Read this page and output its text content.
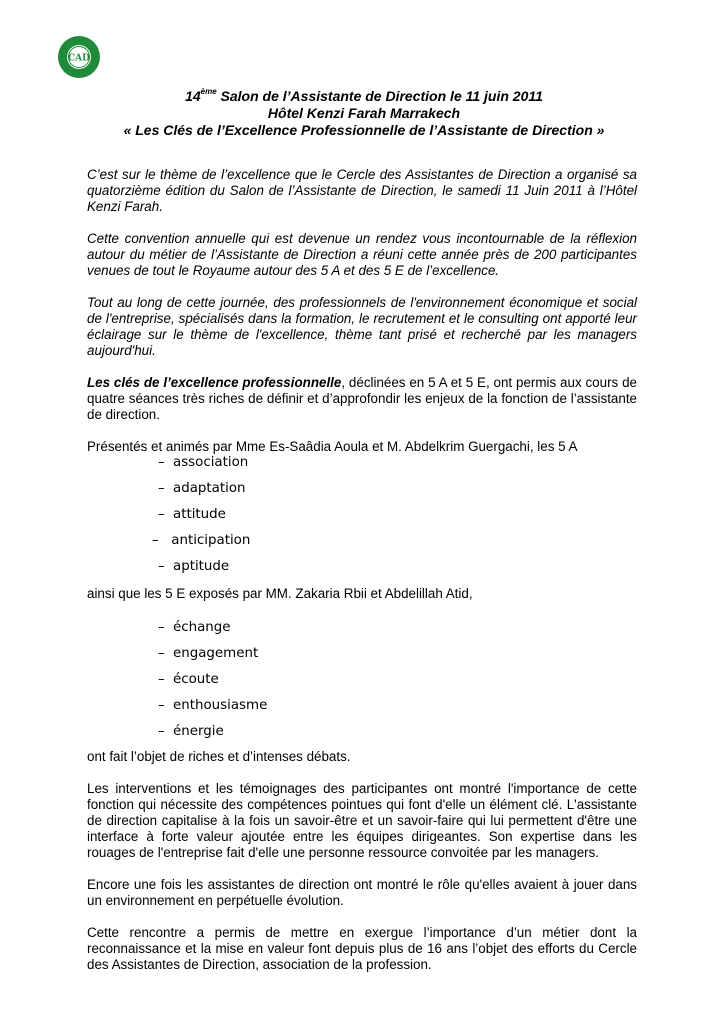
CAD
14ème Salon de l’Assistante de Direction le 11 juin 2011
Hôtel Kenzi Farah Marrakech
« Les Clés de l’Excellence Professionnelle de l’Assistante de Direction »

C’est sur le thème de l’excellence que le Cercle des Assistantes de Direction a organisé sa quatorzième édition du Salon de l’Assistante de Direction, le samedi 11 Juin 2011 à l’Hôtel Kenzi Farah.

Cette convention annuelle qui est devenue un rendez vous incontournable de la réflexion autour du métier de l’Assistante de Direction a réuni cette année près de 200 participantes venues de tout le Royaume autour des 5 A et des 5 E de l’excellence.

Tout au long de cette journée, des professionnels de l'environnement économique et social de l'entreprise, spécialisés dans la formation, le recrutement et le consulting ont apporté leur éclairage sur le thème de l'excellence, thème tant prisé et recherché par les managers aujourd'hui.

Les clés de l’excellence professionnelle, déclinées en 5 A et 5 E, ont permis aux cours de quatre séances très riches de définir et d’approfondir les enjeux de la fonction de l’assistante de direction.

Présentés et animés par Mme Es-Saâdia Aoula et M. Abdelkrim Guergachi, les 5 A

– association
– adaptation
– attitude
– anticipation
– aptitude

ainsi que les 5 E exposés par MM. Zakaria Rbii et Abdelillah Atid,

– échange
– engagement
– écoute
– enthousiasme
– énergie

ont fait l’objet de riches et d’intenses débats.

Les interventions et les témoignages des participantes ont montré l'importance de cette fonction qui nécessite des compétences pointues qui font d'elle un élément clé. L'assistante de direction capitalise à la fois un savoir-être et un savoir-faire qui lui permettent d'être une interface à forte valeur ajoutée entre les équipes dirigeantes. Son expertise dans les rouages de l'entreprise fait d'elle une personne ressource convoitée par les managers.

Encore une fois les assistantes de direction ont montré le rôle qu'elles avaient à jouer dans un environnement en perpétuelle évolution.

Cette rencontre a permis de mettre en exergue l’importance d’un métier dont la reconnaissance et la mise en valeur font depuis plus de 16 ans l’objet des efforts du Cercle des Assistantes de Direction, association de la profession.
